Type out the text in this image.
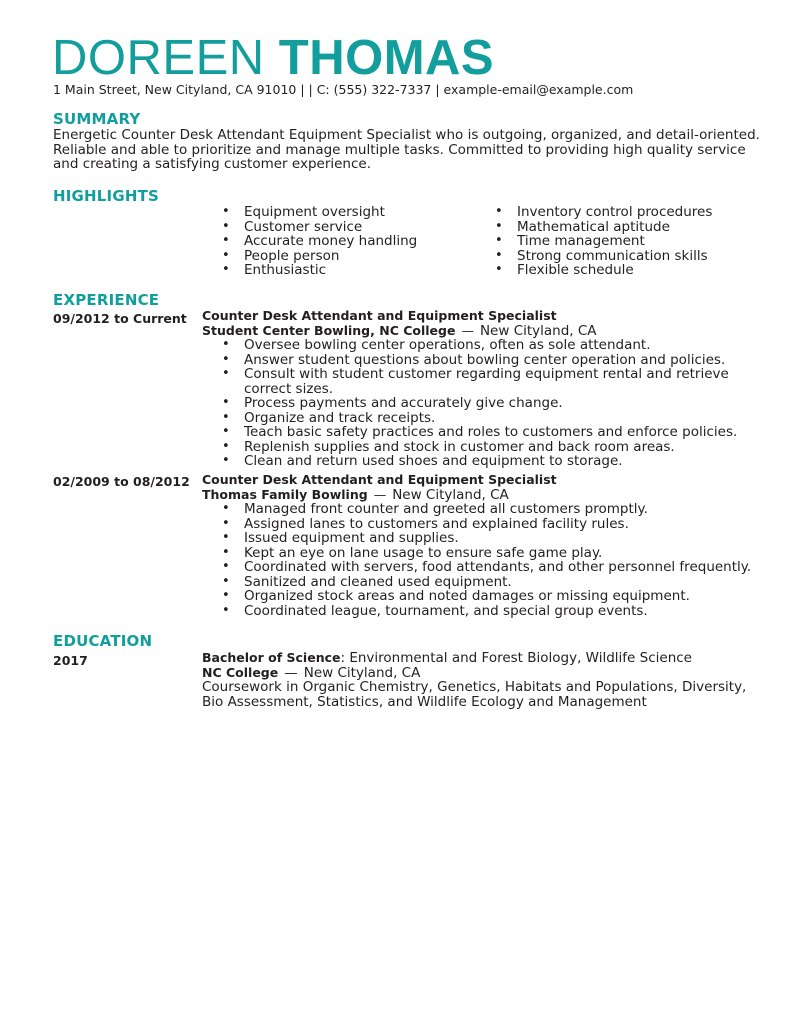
DOREEN THOMAS
1 Main Street, New Cityland, CA 91010 | | C: (555) 322-7337 | example-email@example.com
SUMMARY
Energetic Counter Desk Attendant Equipment Specialist who is outgoing, organized, and detail-oriented. Reliable and able to prioritize and manage multiple tasks. Committed to providing high quality service and creating a satisfying customer experience.
HIGHLIGHTS
• Equipment oversight
• Customer service
• Accurate money handling
• People person
• Enthusiastic
• Inventory control procedures
• Mathematical aptitude
• Time management
• Strong communication skills
• Flexible schedule
EXPERIENCE
09/2012 to Current Counter Desk Attendant and Equipment Specialist
Student Center Bowling, NC College — New Cityland, CA
• Oversee bowling center operations, often as sole attendant.
• Answer student questions about bowling center operation and policies.
• Consult with student customer regarding equipment rental and retrieve correct sizes.
• Process payments and accurately give change.
• Organize and track receipts.
• Teach basic safety practices and roles to customers and enforce policies.
• Replenish supplies and stock in customer and back room areas.
• Clean and return used shoes and equipment to storage.
02/2009 to 08/2012 Counter Desk Attendant and Equipment Specialist
Thomas Family Bowling — New Cityland, CA
• Managed front counter and greeted all customers promptly.
• Assigned lanes to customers and explained facility rules.
• Issued equipment and supplies.
• Kept an eye on lane usage to ensure safe game play.
• Coordinated with servers, food attendants, and other personnel frequently.
• Sanitized and cleaned used equipment.
• Organized stock areas and noted damages or missing equipment.
• Coordinated league, tournament, and special group events.
EDUCATION
2017	Bachelor of Science: Environmental and Forest Biology, Wildlife Science
NC College — New Cityland, CA
Coursework in Organic Chemistry, Genetics, Habitats and Populations, Diversity, Bio Assessment, Statistics, and Wildlife Ecology and Management
